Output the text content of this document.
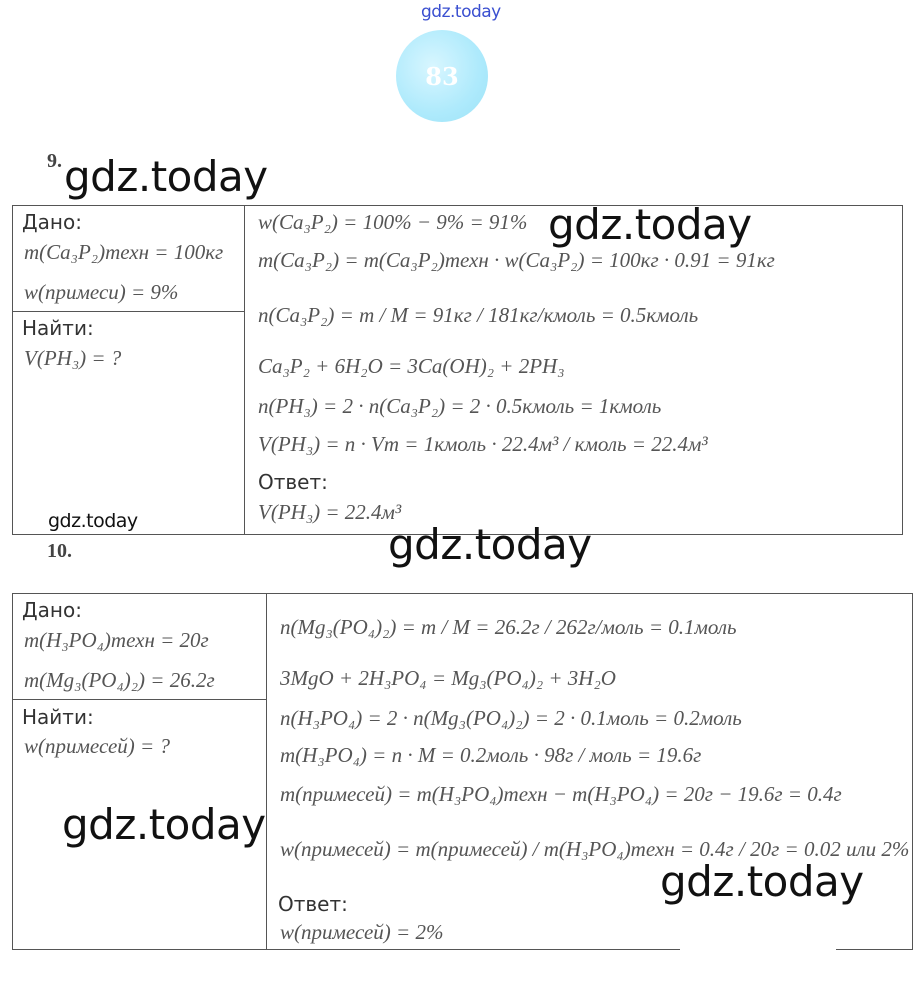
gdz.today
83
9. gdz.today
Дано:
m(Ca₃P₂)техн = 100кг
w(примеси) = 9%
Найти:
V(PH₃) = ?
w(Ca₃P₂) = 100% − 9% = 91%
m(Ca₃P₂) = m(Ca₃P₂)техн · w(Ca₃P₂) = 100кг · 0.91 = 91кг
n(Ca₃P₂) = m / M = 91кг / 181кг/кмоль = 0.5кмоль
Ca₃P₂ + 6H₂O = 3Ca(OH)₂ + 2PH₃
n(PH₃) = 2 · n(Ca₃P₂) = 2 · 0.5кмоль = 1кмоль
V(PH₃) = n · Vm = 1кмоль · 22.4м³ / кмоль = 22.4м³
Ответ:
V(PH₃) = 22.4м³
gdz.today
gdz.today
10.	gdz.today
Дано:
m(H₃PO₄)техн = 20г
m(Mg₃(PO₄)₂) = 26.2г
Найти:
w(примесей) = ?
n(Mg₃(PO₄)₂) = m / M = 26.2г / 262г/моль = 0.1моль
3MgO + 2H₃PO₄ = Mg₃(PO₄)₂ + 3H₂O
n(H₃PO₄) = 2 · n(Mg₃(PO₄)₂) = 2 · 0.1моль = 0.2моль
m(H₃PO₄) = n · M = 0.2моль · 98г / моль = 19.6г
m(примесей) = m(H₃PO₄)техн − m(H₃PO₄) = 20г − 19.6г = 0.4г
w(примесей) = m(примесей) / m(H₃PO₄)техн = 0.4г / 20г = 0.02 или 2%
Ответ:
w(примесей) = 2%
gdz.today
gdz.today
